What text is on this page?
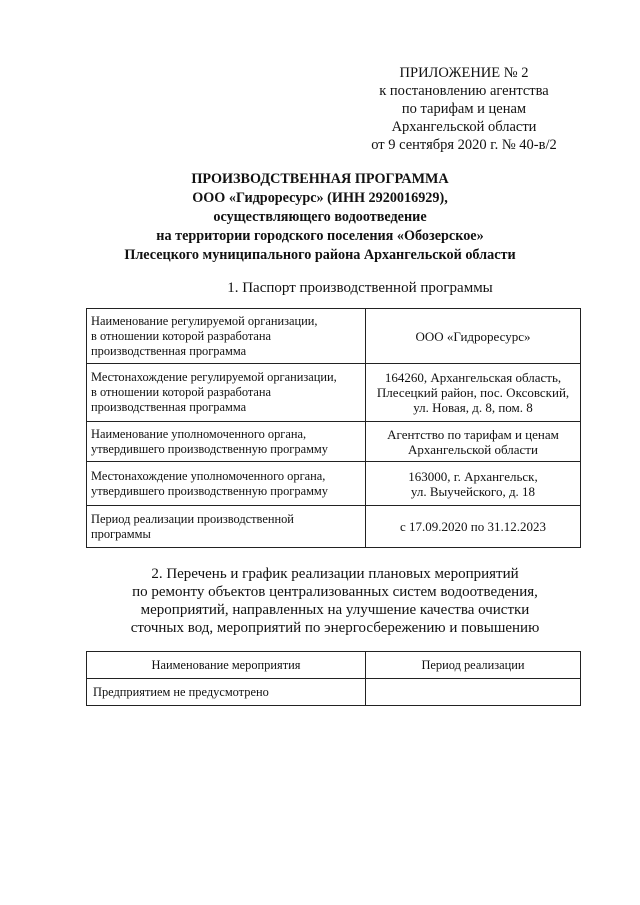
ПРИЛОЖЕНИЕ № 2
к постановлению агентства
по тарифам и ценам
Архангельской области
от 9 сентября 2020 г. № 40-в/2
ПРОИЗВОДСТВЕННАЯ ПРОГРАММА
ООО «Гидроресурс» (ИНН 2920016929),
осуществляющего водоотведение
на территории городского поселения «Обозерское»
Плесецкого муниципального района Архангельской области
1. Паспорт производственной программы
Наименование регулируемой организации,
в отношении которой разработана
производственная программа	ООО «Гидроресурс»

Местонахождение регулируемой организации,
в отношении которой разработана
производственная программа	164260, Архангельская область,
Плесецкий район, пос. Оксовский,
ул. Новая, д. 8, пом. 8

Наименование уполномоченного органа,
утвердившего производственную программу	Агентство по тарифам и ценам
Архангельской области

Местонахождение уполномоченного органа,
утвердившего производственную программу	163000, г. Архангельск,
ул. Выучейского, д. 18

Период реализации производственной
программы	с 17.09.2020 по 31.12.2023
2. Перечень и график реализации плановых мероприятий
по ремонту объектов централизованных систем водоотведения,
мероприятий, направленных на улучшение качества очистки
сточных вод, мероприятий по энергосбережению и повышению
Наименование мероприятия	Период реализации
Предприятием не предусмотрено	
